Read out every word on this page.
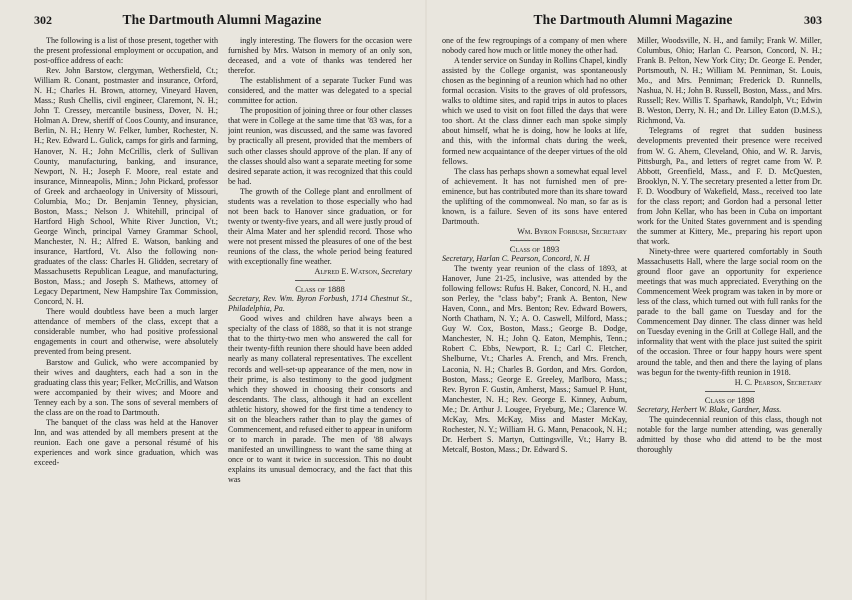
302	The Dartmouth Alumni Magazine

The following is a list of those present, together with the present professional employment or occupation, and post-office address of each:

Rev. John Barstow, clergyman, Wethersfield, Ct.; William R. Conant, postmaster and insurance, Orford, N. H.; Charles H. Brown, attorney, Vineyard Haven, Mass.; Rush Chellis, civil engineer, Claremont, N. H.; John T. Cressey, mercantile business, Dover, N. H.; Holman A. Drew, sheriff of Coos County, and insurance, Berlin, N. H.; Henry W. Felker, lumber, Rochester, N. H.; Rev. Edward L. Gulick, camps for girls and farming, Hanover, N. H.; John McCrillis, clerk of Sullivan County, manufacturing, banking, and insurance, Newport, N. H.; Joseph F. Moore, real estate and insurance, Minneapolis, Minn.; John Pickard, professor of Greek and archaeology in University of Missouri, Columbia, Mo.; Dr. Benjamin Tenney, physician, Boston, Mass.; Nelson J. Whitehill, principal of Hartford High School, White River Junction, Vt.; George Winch, principal Varney Grammar School, Manchester, N. H.; Alfred E. Watson, banking and insurance, Hartford, Vt. Also the following non-graduates of the class: Charles H. Glidden, secretary of Massachusetts Republican League, and manufacturing, Boston, Mass.; and Joseph S. Mathews, attorney of Legacy Department, New Hampshire Tax Commission, Concord, N. H.

There would doubtless have been a much larger attendance of members of the class, except that a considerable number, who had positive professional engagements in court and otherwise, were absolutely prevented from being present.

Barstow and Gulick, who were accompanied by their wives and daughters, each had a son in the graduating class this year; Felker, McCrillis, and Watson were accompanied by their wives; and Moore and Tenney each by a son. The sons of several members of the class are on the road to Dartmouth.

The banquet of the class was held at the Hanover Inn, and was attended by all members present at the reunion. Each one gave a personal résumé of his experiences and work since graduation, which was exceed-

ingly interesting. The flowers for the occasion were furnished by Mrs. Watson in memory of an only son, deceased, and a vote of thanks was tendered her therefor.

The establishment of a separate Tucker Fund was considered, and the matter was delegated to a special committee for action.

The proposition of joining three or four other classes that were in College at the same time that '83 was, for a joint reunion, was discussed, and the same was favored by practically all present, provided that the members of such other classes should approve of the plan. If any of the classes should also want a separate meeting for some desired separate action, it was recognized that this could be had.

The growth of the College plant and enrollment of students was a revelation to those especially who had not been back to Hanover since graduation, or for twenty or twenty-five years, and all were justly proud of their Alma Mater and her splendid record. Those who were not present missed the pleasures of one of the best reunions of the class, the whole period being featured with exceptionally fine weather.

Alfred E. Watson, Secretary
Class of 1888
Secretary, Rev. Wm. Byron Forbush, 1714 Chestnut St., Philadelphia, Pa.

Good wives and children have always been a specialty of the class of 1888, so that it is not strange that to the thirty-two men who answered the call for their twenty-fifth reunion there should have been added nearly as many collateral representatives. The excellent records and well-set-up appearance of the men, now in their prime, is also testimony to the good judgment which they showed in choosing their consorts and descendants. The class, although it had an excellent athletic history, showed for the first time a tendency to sit on the bleachers rather than to play the games of Commencement, and refused either to appear in uniform or to march in parade. The men of '88 always manifested an unwillingness to want the same thing at once or to want it twice in succession. This no doubt explains its unusual democracy, and the fact that this was

The Dartmouth Alumni Magazine	303

one of the few regroupings of a company of men where nobody cared how much or little money the other had.

A tender service on Sunday in Rollins Chapel, kindly assisted by the College organist, was spontaneously chosen as the beginning of a reunion which had no other formal occasion. Visits to the graves of old professors, walks to oldtime sites, and rapid trips in autos to places which we used to visit on foot filled the days that were too short. At the class dinner each man spoke simply about himself, what he is doing, how he looks at life, and this, with the informal chats during the week, formed new acquaintance of the deeper virtues of the old fellows.

The class has perhaps shown a somewhat equal level of achievement. It has not furnished men of pre-eminence, but has contributed more than its share toward the uplifting of the commonweal. No man, so far as is known, is a failure. Seven of its sons have entered Dartmouth.

Wm. Byron Forbush, Secretary
Class of 1893
Secretary, Harlan C. Pearson, Concord, N. H

The twenty year reunion of the class of 1893, at Hanover, June 21-25, inclusive, was attended by the following fellows: Rufus H. Baker, Concord, N. H., and son Perley, the "class baby"; Frank A. Benton, New Haven, Conn., and Mrs. Benton; Rev. Edward Bowers, North Chatham, N. Y.; A. O. Caswell, Milford, Mass.; Guy W. Cox, Boston, Mass.; George B. Dodge, Manchester, N. H.; John Q. Eaton, Memphis, Tenn.; Robert C. Ebbs, Newport, R. I.; Carl C. Fletcher, Shelburne, Vt.; Charles A. French, and Mrs. French, Laconia, N. H.; Charles B. Gordon, and Mrs. Gordon, Boston, Mass.; George E. Greeley, Marlboro, Mass.; Rev. Byron F. Gustin, Amherst, Mass.; Samuel P. Hunt, Manchester, N. H.; Rev. George E. Kinney, Auburn, Me.; Dr. Arthur J. Lougee, Fryeburg, Me.; Clarence W. McKay, Mrs. McKay, Miss and Master McKay, Rochester, N. Y.; William H. G. Mann, Penacook, N. H.; Dr. Herbert S. Martyn, Cuttingsville, Vt.; Harry B. Metcalf, Boston, Mass.; Dr. Edward S.

Miller, Woodsville, N. H., and family; Frank W. Miller, Columbus, Ohio; Harlan C. Pearson, Concord, N. H.; Frank B. Pelton, New York City; Dr. George E. Pender, Portsmouth, N. H.; William M. Penniman, St. Louis, Mo., and Mrs. Penniman; Frederick D. Runnells, Nashua, N. H.; John B. Russell, Boston, Mass., and Mrs. Russell; Rev. Willis T. Sparhawk, Randolph, Vt.; Edwin B. Weston, Derry, N. H.; and Dr. Lilley Eaton (D.M.S.), Richmond, Va.

Telegrams of regret that sudden business developments prevented their presence were received from W. G. Ahern, Cleveland, Ohio, and W. R. Jarvis, Pittsburgh, Pa., and letters of regret came from W. P. Abbott, Greenfield, Mass., and F. D. McQuesten, Brooklyn, N. Y. The secretary presented a letter from Dr. F. D. Woodbury of Wakefield, Mass., received too late for the class report; and Gordon had a personal letter from John Kellar, who has been in Cuba on important work for the United States government and is spending the summer at Kittery, Me., preparing his report upon that work.

Ninety-three were quartered comfortably in South Massachusetts Hall, where the large social room on the ground floor gave an opportunity for experience meetings that was much appreciated. Everything on the Commencement Week program was taken in by more or less of the class, which turned out with full ranks for the parade to the ball game on Tuesday and for the Commencement Day dinner. The class dinner was held on Tuesday evening in the Grill at College Hall, and the informality that went with the place just suited the spirit of the occasion. Three or four happy hours were spent around the table, and then and there the laying of plans was begun for the twenty-fifth reunion in 1918.

H. C. Pearson, Secretary
Class of 1898
Secretary, Herbert W. Blake, Gardner, Mass.

The quindecennial reunion of this class, though not notable for the large number attending, was generally admitted by those who did attend to be the most thoroughly
